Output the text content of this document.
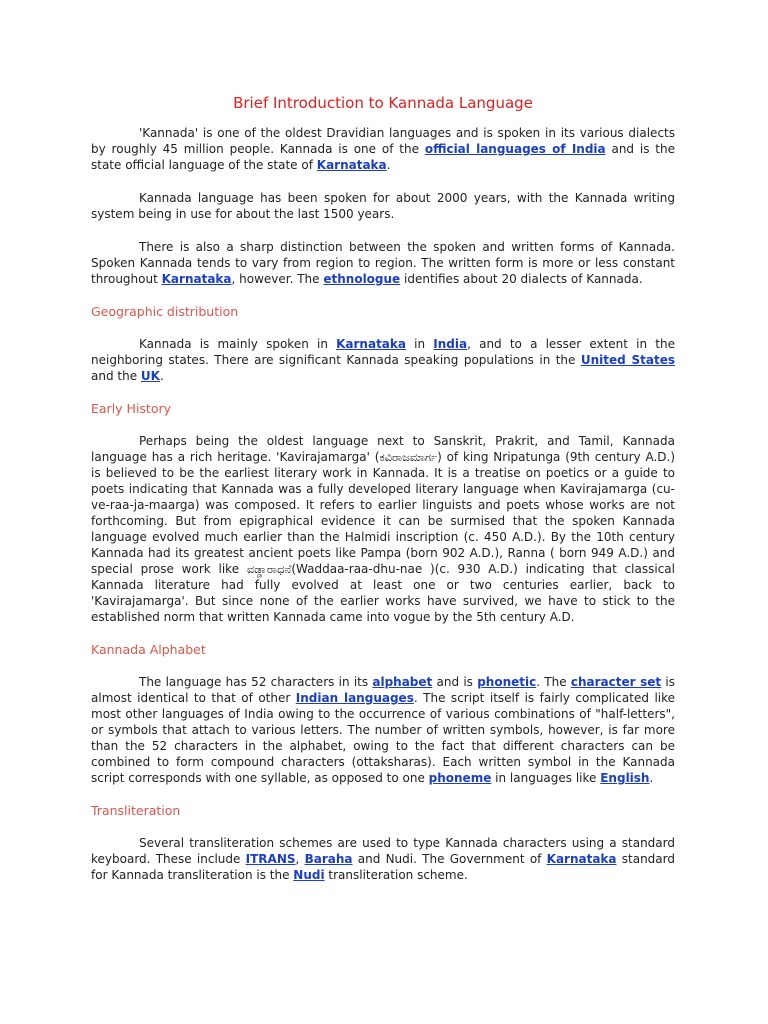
Brief Introduction to Kannada Language

'Kannada' is one of the oldest Dravidian languages and is spoken in its various dialects by roughly 45 million people. Kannada is one of the official languages of India and is the state official language of the state of Karnataka.

Kannada language has been spoken for about 2000 years, with the Kannada writing system being in use for about the last 1500 years.

There is also a sharp distinction between the spoken and written forms of Kannada. Spoken Kannada tends to vary from region to region. The written form is more or less constant throughout Karnataka, however. The ethnologue identifies about 20 dialects of Kannada.

Geographic distribution

Kannada is mainly spoken in Karnataka in India, and to a lesser extent in the neighboring states. There are significant Kannada speaking populations in the United States and the UK.

Early History

Perhaps being the oldest language next to Sanskrit, Prakrit, and Tamil, Kannada language has a rich heritage. 'Kavirajamarga' (ಕವಿರಾಜಮಾರ್ಗ) of king Nripatunga (9th century A.D.) is believed to be the earliest literary work in Kannada. It is a treatise on poetics or a guide to poets indicating that Kannada was a fully developed literary language when Kavirajamarga (cu-ve-raa-ja-maarga) was composed. It refers to earlier linguists and poets whose works are not forthcoming. But from epigraphical evidence it can be surmised that the spoken Kannada language evolved much earlier than the Halmidi inscription (c. 450 A.D.). By the 10th century Kannada had its greatest ancient poets like Pampa (born 902 A.D.), Ranna ( born 949 A.D.) and special prose work like ವಡ್ಡಾರಾಧನೆ(Waddaa-raa-dhu-nae )(c. 930 A.D.) indicating that classical Kannada literature had fully evolved at least one or two centuries earlier, back to 'Kavirajamarga'. But since none of the earlier works have survived, we have to stick to the established norm that written Kannada came into vogue by the 5th century A.D.

Kannada Alphabet

The language has 52 characters in its alphabet and is phonetic. The character set is almost identical to that of other Indian languages. The script itself is fairly complicated like most other languages of India owing to the occurrence of various combinations of "half-letters", or symbols that attach to various letters. The number of written symbols, however, is far more than the 52 characters in the alphabet, owing to the fact that different characters can be combined to form compound characters (ottaksharas). Each written symbol in the Kannada script corresponds with one syllable, as opposed to one phoneme in languages like English.

Transliteration

Several transliteration schemes are used to type Kannada characters using a standard keyboard. These include ITRANS, Baraha and Nudi. The Government of Karnataka standard for Kannada transliteration is the Nudi transliteration scheme.
